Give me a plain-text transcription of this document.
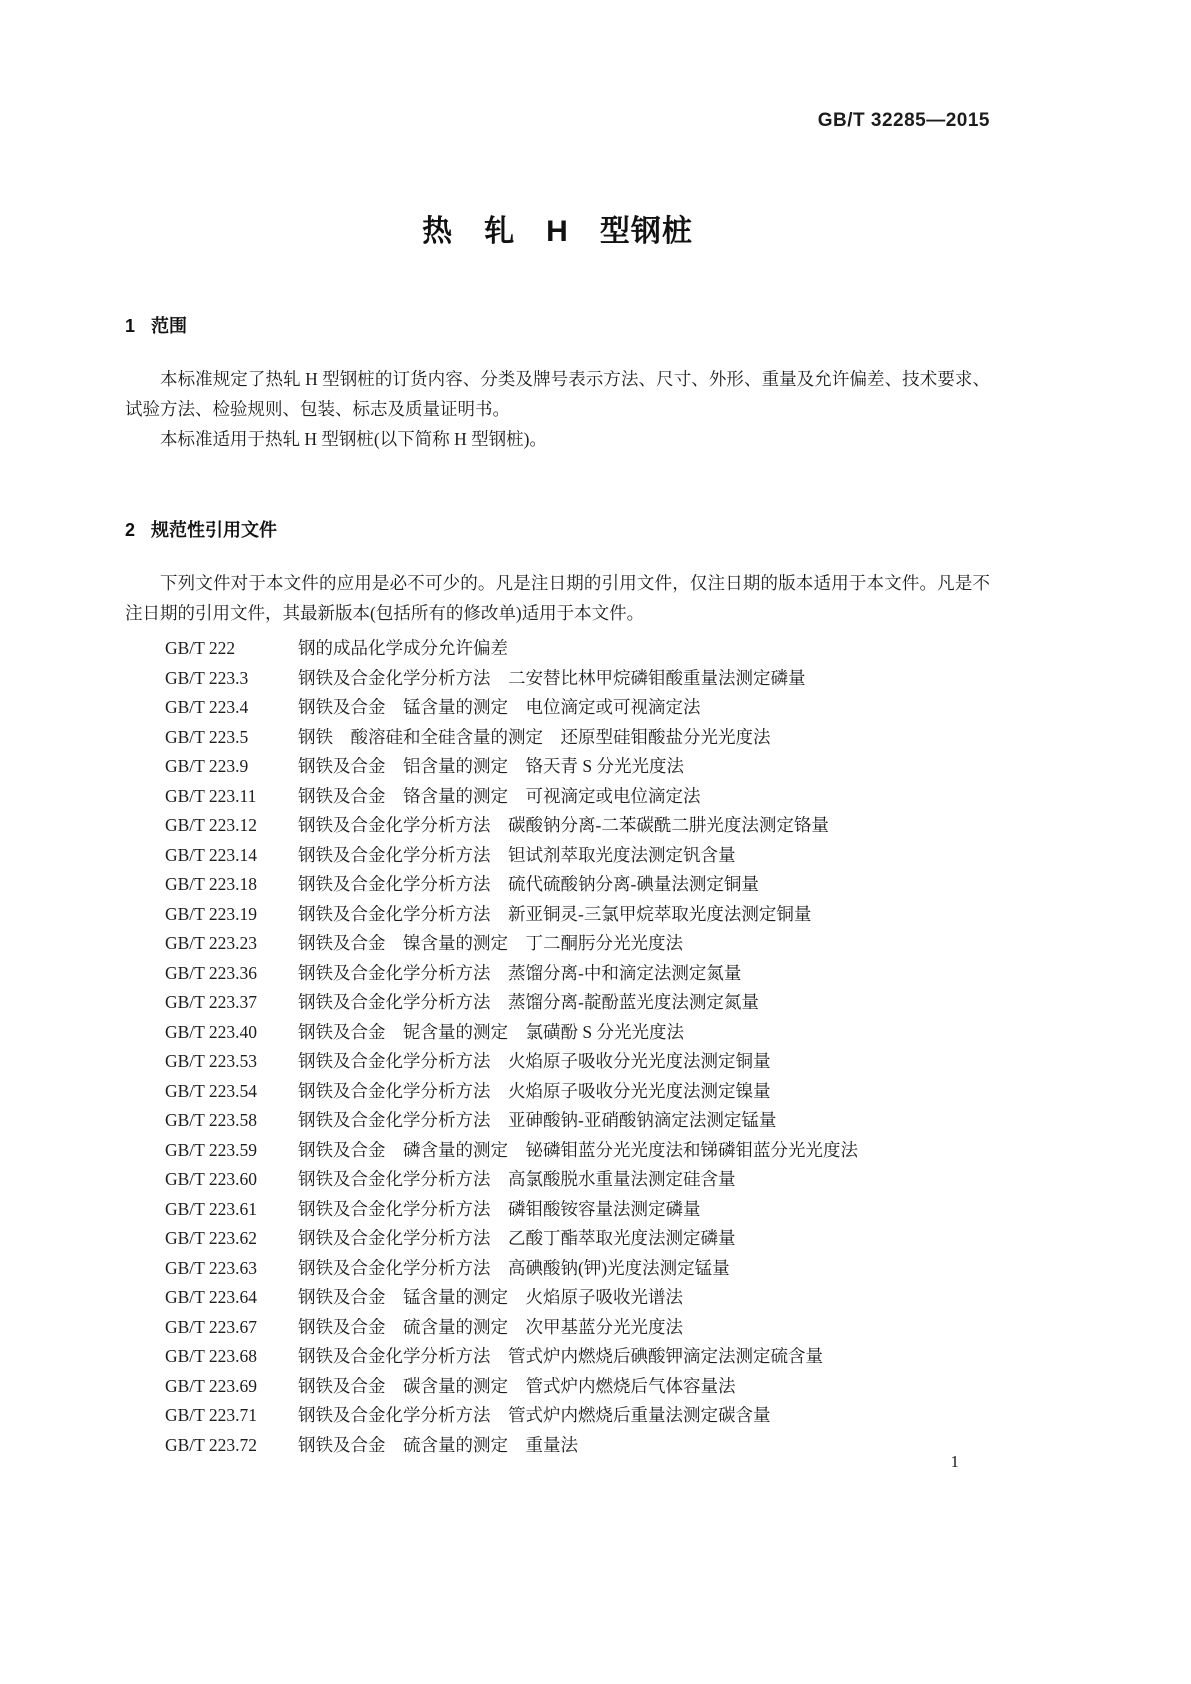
GB/T 32285—2015
热　轧　H　型钢桩
1 范围

本标准规定了热轧 H 型钢桩的订货内容、分类及牌号表示方法、尺寸、外形、重量及允许偏差、技术要求、试验方法、检验规则、包装、标志及质量证明书。

本标准适用于热轧 H 型钢桩(以下简称 H 型钢桩)。

2 规范性引用文件

下列文件对于本文件的应用是必不可少的。凡是注日期的引用文件，仅注日期的版本适用于本文件。凡是不注日期的引用文件，其最新版本(包括所有的修改单)适用于本文件。

GB/T 222	钢的成品化学成分允许偏差
GB/T 223.3	钢铁及合金化学分析方法　二安替比林甲烷磷钼酸重量法测定磷量
GB/T 223.4	钢铁及合金　锰含量的测定　电位滴定或可视滴定法
GB/T 223.5	钢铁　酸溶硅和全硅含量的测定　还原型硅钼酸盐分光光度法
GB/T 223.9	钢铁及合金　铝含量的测定　铬天青 S 分光光度法
GB/T 223.11	钢铁及合金　铬含量的测定　可视滴定或电位滴定法
GB/T 223.12	钢铁及合金化学分析方法　碳酸钠分离-二苯碳酰二肼光度法测定铬量
GB/T 223.14	钢铁及合金化学分析方法　钽试剂萃取光度法测定钒含量
GB/T 223.18	钢铁及合金化学分析方法　硫代硫酸钠分离-碘量法测定铜量
GB/T 223.19	钢铁及合金化学分析方法　新亚铜灵-三氯甲烷萃取光度法测定铜量
GB/T 223.23	钢铁及合金　镍含量的测定　丁二酮肟分光光度法
GB/T 223.36	钢铁及合金化学分析方法　蒸馏分离-中和滴定法测定氮量
GB/T 223.37	钢铁及合金化学分析方法　蒸馏分离-靛酚蓝光度法测定氮量
GB/T 223.40	钢铁及合金　铌含量的测定　氯磺酚 S 分光光度法
GB/T 223.53	钢铁及合金化学分析方法　火焰原子吸收分光光度法测定铜量
GB/T 223.54	钢铁及合金化学分析方法　火焰原子吸收分光光度法测定镍量
GB/T 223.58	钢铁及合金化学分析方法　亚砷酸钠-亚硝酸钠滴定法测定锰量
GB/T 223.59	钢铁及合金　磷含量的测定　铋磷钼蓝分光光度法和锑磷钼蓝分光光度法
GB/T 223.60	钢铁及合金化学分析方法　高氯酸脱水重量法测定硅含量
GB/T 223.61	钢铁及合金化学分析方法　磷钼酸铵容量法测定磷量
GB/T 223.62	钢铁及合金化学分析方法　乙酸丁酯萃取光度法测定磷量
GB/T 223.63	钢铁及合金化学分析方法　高碘酸钠(钾)光度法测定锰量
GB/T 223.64	钢铁及合金　锰含量的测定　火焰原子吸收光谱法
GB/T 223.67	钢铁及合金　硫含量的测定　次甲基蓝分光光度法
GB/T 223.68	钢铁及合金化学分析方法　管式炉内燃烧后碘酸钾滴定法测定硫含量
GB/T 223.69	钢铁及合金　碳含量的测定　管式炉内燃烧后气体容量法
GB/T 223.71	钢铁及合金化学分析方法　管式炉内燃烧后重量法测定碳含量
GB/T 223.72	钢铁及合金　硫含量的测定　重量法
1
